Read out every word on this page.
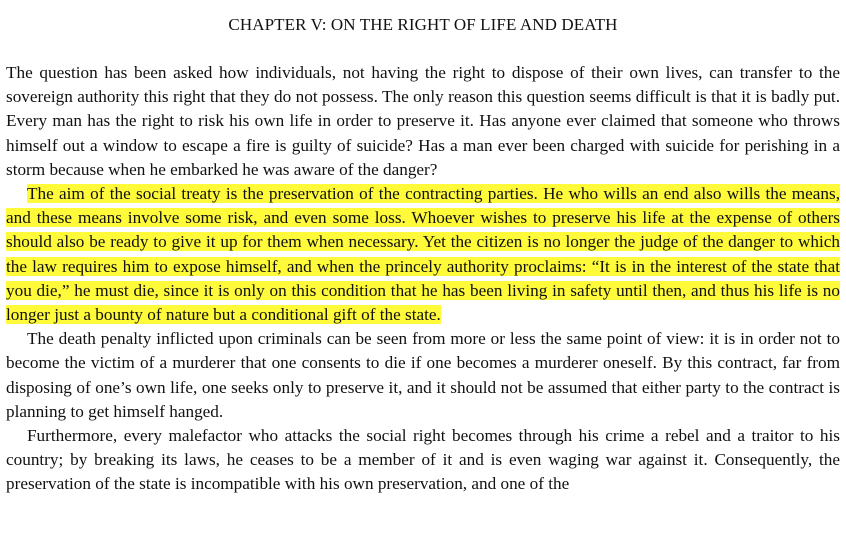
CHAPTER V: ON THE RIGHT OF LIFE AND DEATH

The question has been asked how individuals, not having the right to dispose of their own lives, can transfer to the sovereign authority this right that they do not possess. The only reason this question seems difficult is that it is badly put. Every man has the right to risk his own life in order to preserve it. Has anyone ever claimed that someone who throws himself out a window to escape a fire is guilty of suicide? Has a man ever been charged with suicide for perishing in a storm because when he embarked he was aware of the danger?

The aim of the social treaty is the preservation of the contracting parties. He who wills an end also wills the means, and these means involve some risk, and even some loss. Whoever wishes to preserve his life at the expense of others should also be ready to give it up for them when necessary. Yet the citizen is no longer the judge of the danger to which the law requires him to expose himself, and when the princely authority proclaims: “It is in the interest of the state that you die,” he must die, since it is only on this condition that he has been living in safety until then, and thus his life is no longer just a bounty of nature but a conditional gift of the state.

The death penalty inflicted upon criminals can be seen from more or less the same point of view: it is in order not to become the victim of a murderer that one consents to die if one becomes a murderer oneself. By this contract, far from disposing of one’s own life, one seeks only to preserve it, and it should not be assumed that either party to the contract is planning to get himself hanged.

Furthermore, every malefactor who attacks the social right becomes through his crime a rebel and a traitor to his country; by breaking its laws, he ceases to be a member of it and is even waging war against it. Consequently, the preservation of the state is incompatible with his own preservation, and one of the
